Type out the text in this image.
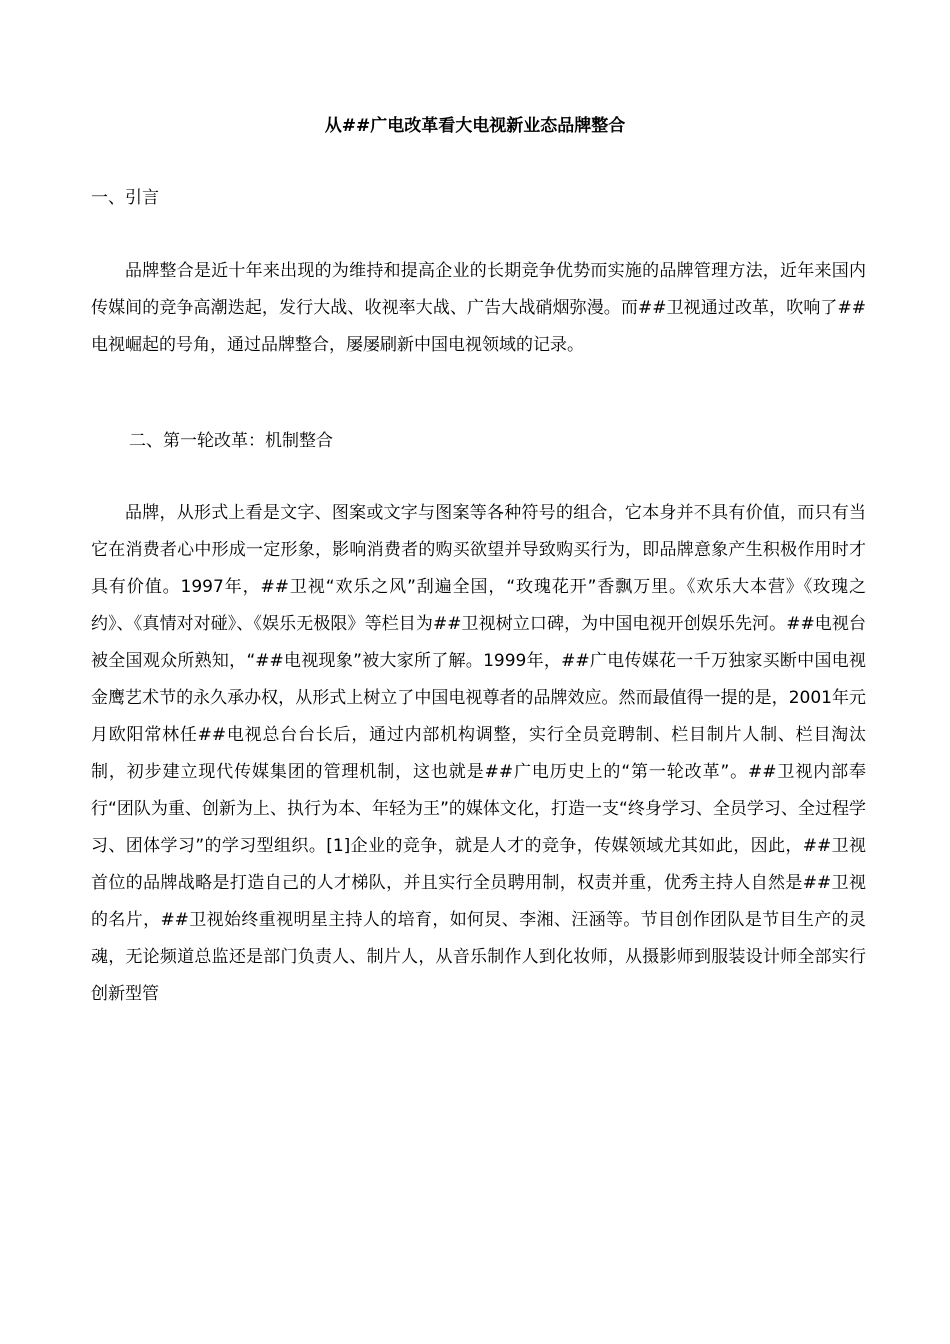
从##广电改革看大电视新业态品牌整合
一、引言
品牌整合是近十年来出现的为维持和提高企业的长期竞争优势而实施的品牌管理方法，近年来国内传媒间的竞争高潮迭起，发行大战、收视率大战、广告大战硝烟弥漫。而##卫视通过改革，吹响了##电视崛起的号角，通过品牌整合，屡屡刷新中国电视领域的记录。
二、第一轮改革：机制整合
品牌，从形式上看是文字、图案或文字与图案等各种符号的组合，它本身并不具有价值，而只有当它在消费者心中形成一定形象，影响消费者的购买欲望并导致购买行为，即品牌意象产生积极作用时才具有价值。1997年，##卫视“欢乐之风”刮遍全国，“玫瑰花开”香飘万里。《欢乐大本营》《玫瑰之约》、《真情对对碰》、《娱乐无极限》等栏目为##卫视树立口碑，为中国电视开创娱乐先河。##电视台被全国观众所熟知，“##电视现象”被大家所了解。1999年，##广电传媒花一千万独家买断中国电视金鹰艺术节的永久承办权，从形式上树立了中国电视尊者的品牌效应。然而最值得一提的是，2001年元月欧阳常林任##电视总台台长后，通过内部机构调整，实行全员竞聘制、栏目制片人制、栏目淘汰制，初步建立现代传媒集团的管理机制，这也就是##广电历史上的“第一轮改革”。##卫视内部奉行“团队为重、创新为上、执行为本、年轻为王”的媒体文化，打造一支“终身学习、全员学习、全过程学习、团体学习”的学习型组织。[1]企业的竞争，就是人才的竞争，传媒领域尤其如此，因此，##卫视首位的品牌战略是打造自己的人才梯队，并且实行全员聘用制，权责并重，优秀主持人自然是##卫视的名片，##卫视始终重视明星主持人的培育，如何炅、李湘、汪涵等。节目创作团队是节目生产的灵魂，无论频道总监还是部门负责人、制片人，从音乐制作人到化妆师，从摄影师到服装设计师全部实行创新型管
